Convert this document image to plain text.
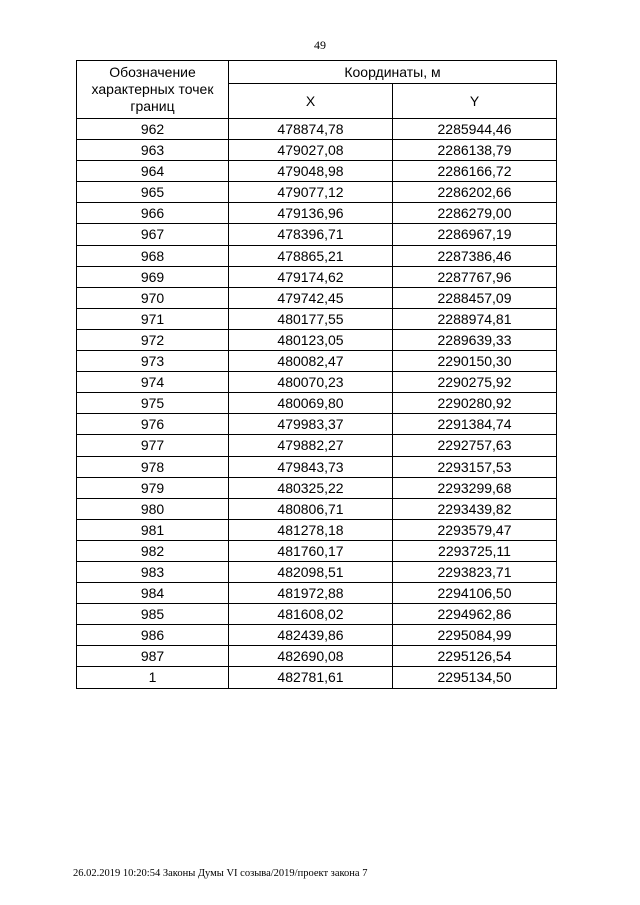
49
Обозначение характерных точек границ	Координаты, м	
	X	Y
962	478874,78	2285944,46
963	479027,08	2286138,79
964	479048,98	2286166,72
965	479077,12	2286202,66
966	479136,96	2286279,00
967	478396,71	2286967,19
968	478865,21	2287386,46
969	479174,62	2287767,96
970	479742,45	2288457,09
971	480177,55	2288974,81
972	480123,05	2289639,33
973	480082,47	2290150,30
974	480070,23	2290275,92
975	480069,80	2290280,92
976	479983,37	2291384,74
977	479882,27	2292757,63
978	479843,73	2293157,53
979	480325,22	2293299,68
980	480806,71	2293439,82
981	481278,18	2293579,47
982	481760,17	2293725,11
983	482098,51	2293823,71
984	481972,88	2294106,50
985	481608,02	2294962,86
986	482439,86	2295084,99
987	482690,08	2295126,54
1	482781,61	2295134,50
26.02.2019 10:20:54 Законы Думы VI созыва/2019/проект закона 7
